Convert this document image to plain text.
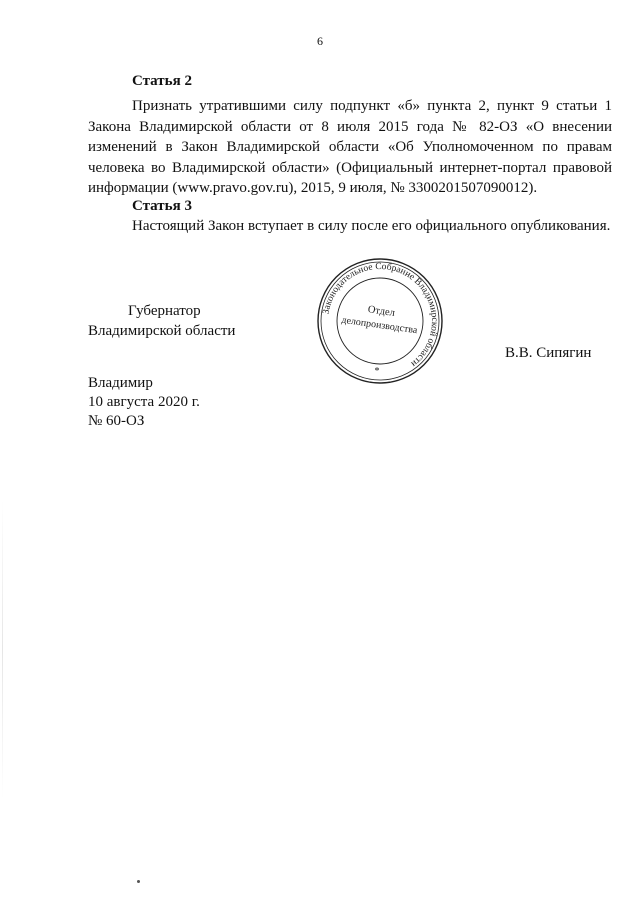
6
Статья 2
Признать утратившими силу подпункт «б» пункта 2, пункт 9 статьи 1 Закона Владимирской области от 8 июля 2015 года № 82-ОЗ «О внесении изменений в Закон Владимирской области «Об Уполномоченном по правам человека во Владимирской области» (Официальный интернет-портал правовой информации (www.pravo.gov.ru), 2015, 9 июля, № 3300201507090012).
Статья 3
Настоящий Закон вступает в силу после его официального опубликования.
Губернатор
Владимирской области
Законодательное Собрание Владимирской области
Отдел
делопроизводства
*
В.В. Сипягин
Владимир
10 августа 2020 г.
№ 60-ОЗ
